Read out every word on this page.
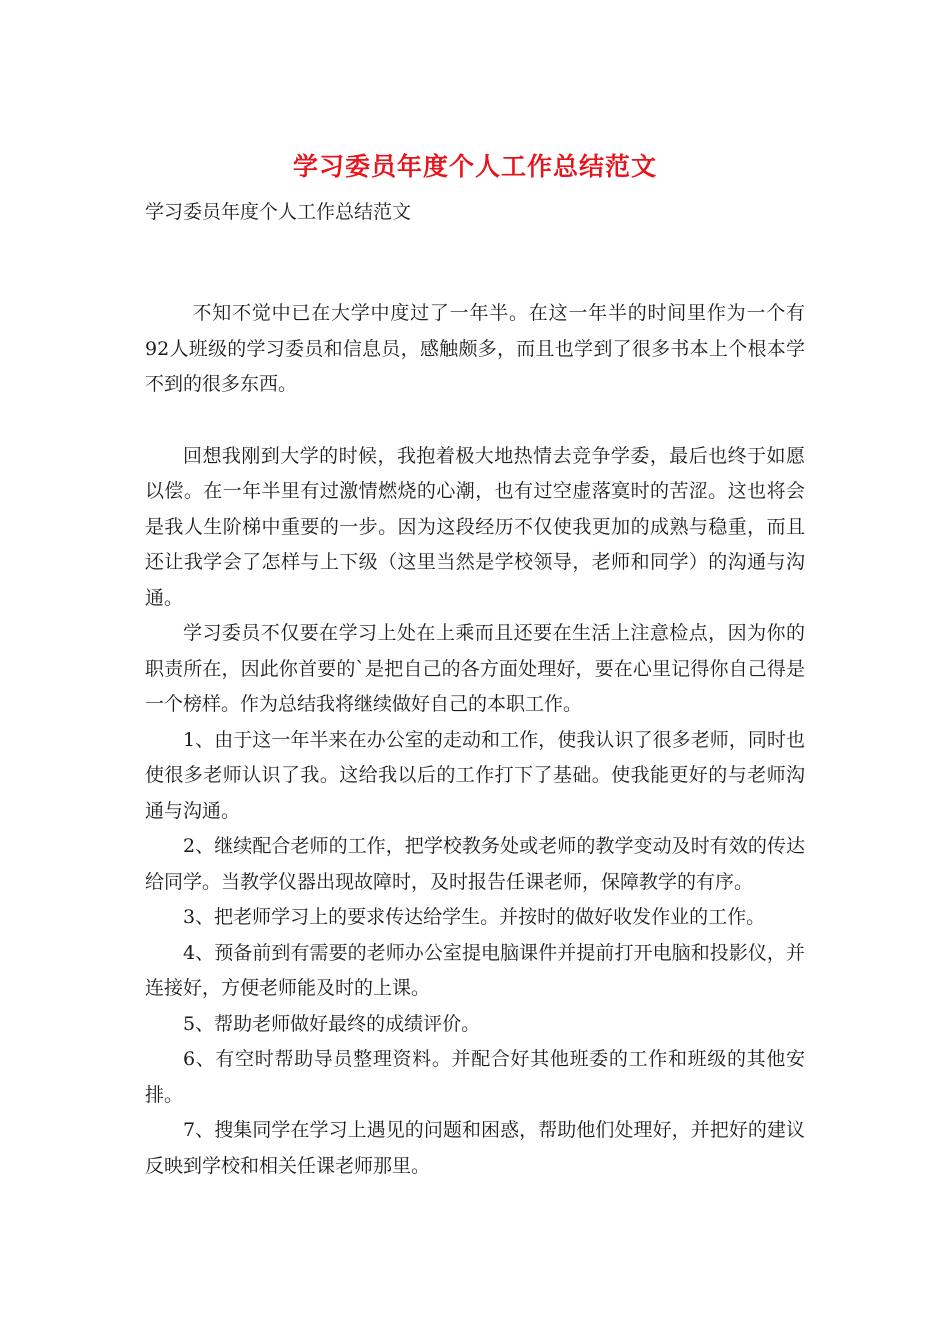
学习委员年度个人工作总结范文
学习委员年度个人工作总结范文

不知不觉中已在大学中度过了一年半。在这一年半的时间里作为一个有92人班级的学习委员和信息员，感触颇多，而且也学到了很多书本上个根本学不到的很多东西。

回想我刚到大学的时候，我抱着极大地热情去竞争学委，最后也终于如愿以偿。在一年半里有过激情燃烧的心潮，也有过空虚落寞时的苦涩。这也将会是我人生阶梯中重要的一步。因为这段经历不仅使我更加的成熟与稳重，而且还让我学会了怎样与上下级（这里当然是学校领导，老师和同学）的沟通与沟通。

学习委员不仅要在学习上处在上乘而且还要在生活上注意检点，因为你的职责所在，因此你首要的`是把自己的各方面处理好，要在心里记得你自己得是一个榜样。作为总结我将继续做好自己的本职工作。

1、由于这一年半来在办公室的走动和工作，使我认识了很多老师，同时也使很多老师认识了我。这给我以后的工作打下了基础。使我能更好的与老师沟通与沟通。

2、继续配合老师的工作，把学校教务处或老师的教学变动及时有效的传达给同学。当教学仪器出现故障时，及时报告任课老师，保障教学的有序。

3、把老师学习上的要求传达给学生。并按时的做好收发作业的工作。

4、预备前到有需要的老师办公室提电脑课件并提前打开电脑和投影仪，并连接好，方便老师能及时的上课。

5、帮助老师做好最终的成绩评价。

6、有空时帮助导员整理资料。并配合好其他班委的工作和班级的其他安排。

7、搜集同学在学习上遇见的问题和困惑，帮助他们处理好，并把好的建议反映到学校和相关任课老师那里。
